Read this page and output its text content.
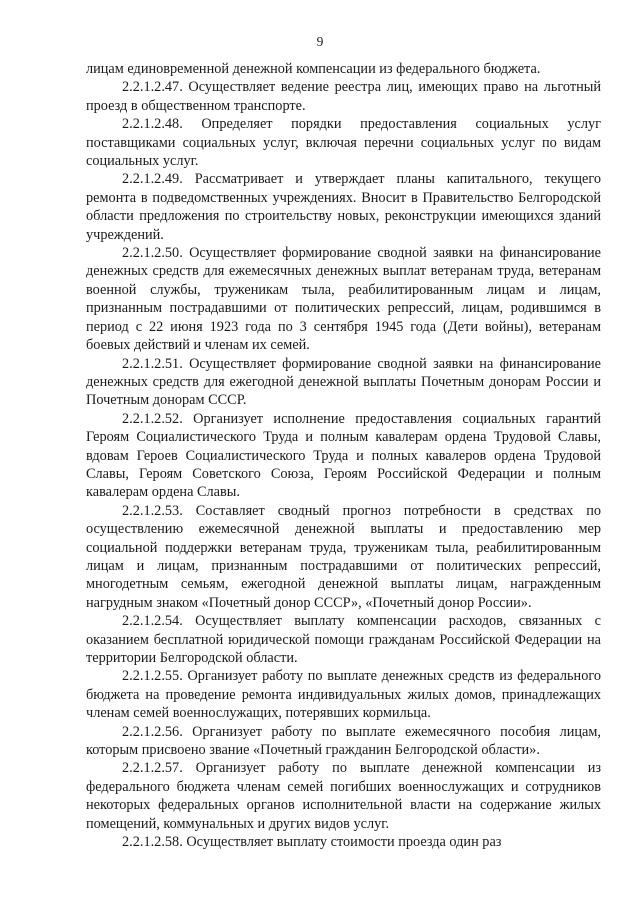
9

лицам единовременной денежной компенсации из федерального бюджета.

2.2.1.2.47. Осуществляет ведение реестра лиц, имеющих право на льготный проезд в общественном транспорте.

2.2.1.2.48. Определяет порядки предоставления социальных услуг поставщиками социальных услуг, включая перечни социальных услуг по видам социальных услуг.

2.2.1.2.49. Рассматривает и утверждает планы капитального, текущего ремонта в подведомственных учреждениях. Вносит в Правительство Белгородской области предложения по строительству новых, реконструкции имеющихся зданий учреждений.

2.2.1.2.50. Осуществляет формирование сводной заявки на финансирование денежных средств для ежемесячных денежных выплат ветеранам труда, ветеранам военной службы, труженикам тыла, реабилитированным лицам и лицам, признанным пострадавшими от политических репрессий, лицам, родившимся в период с 22 июня 1923 года по 3 сентября 1945 года (Дети войны), ветеранам боевых действий и членам их семей.

2.2.1.2.51. Осуществляет формирование сводной заявки на финансирование денежных средств для ежегодной денежной выплаты Почетным донорам России и Почетным донорам СССР.

2.2.1.2.52. Организует исполнение предоставления социальных гарантий Героям Социалистического Труда и полным кавалерам ордена Трудовой Славы, вдовам Героев Социалистического Труда и полных кавалеров ордена Трудовой Славы, Героям Советского Союза, Героям Российской Федерации и полным кавалерам ордена Славы.

2.2.1.2.53. Составляет сводный прогноз потребности в средствах по осуществлению ежемесячной денежной выплаты и предоставлению мер социальной поддержки ветеранам труда, труженикам тыла, реабилитированным лицам и лицам, признанным пострадавшими от политических репрессий, многодетным семьям, ежегодной денежной выплаты лицам, награжденным нагрудным знаком «Почетный донор СССР», «Почетный донор России».

2.2.1.2.54. Осуществляет выплату компенсации расходов, связанных с оказанием бесплатной юридической помощи гражданам Российской Федерации на территории Белгородской области.

2.2.1.2.55. Организует работу по выплате денежных средств из федерального бюджета на проведение ремонта индивидуальных жилых домов, принадлежащих членам семей военнослужащих, потерявших кормильца.

2.2.1.2.56. Организует работу по выплате ежемесячного пособия лицам, которым присвоено звание «Почетный гражданин Белгородской области».

2.2.1.2.57. Организует работу по выплате денежной компенсации из федерального бюджета членам семей погибших военнослужащих и сотрудников некоторых федеральных органов исполнительной власти на содержание жилых помещений, коммунальных и других видов услуг.

2.2.1.2.58. Осуществляет выплату стоимости проезда один раз
